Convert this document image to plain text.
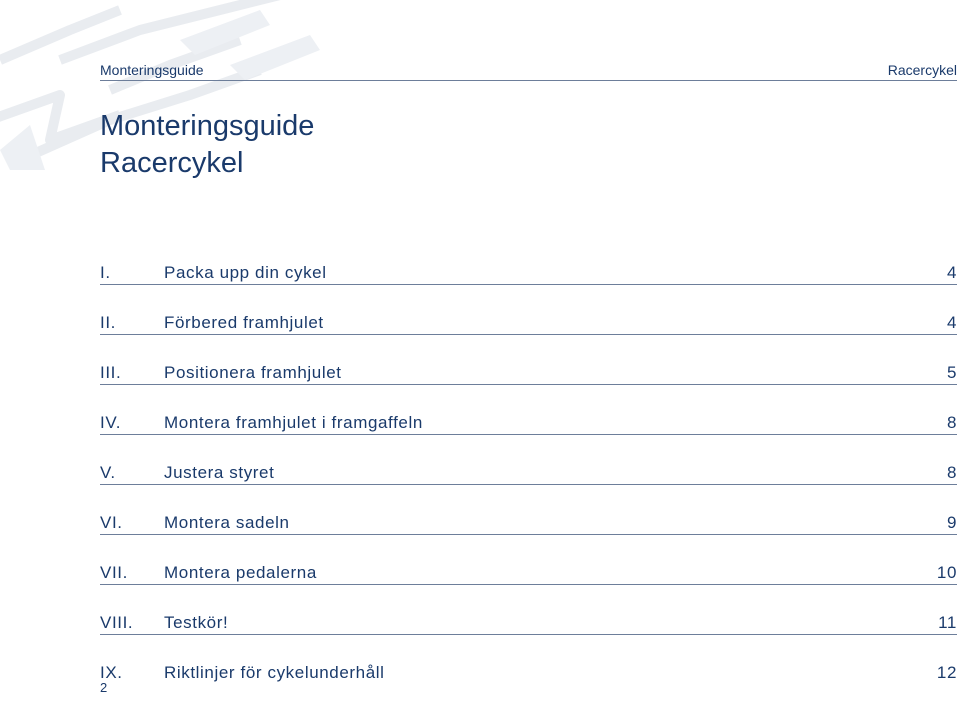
Monteringsguide	Racercykel
Monteringsguide
Racercykel
I.	Packa upp din cykel	4
II.	Förbered framhjulet	4
III.	Positionera framhjulet	5
IV.	Montera framhjulet i framgaffeln	8
V.	Justera styret	8
VI.	Montera sadeln	9
VII.	Montera pedalerna	10
VIII.	Testkör!	11
IX.	Riktlinjer för cykelunderhåll	12
2
